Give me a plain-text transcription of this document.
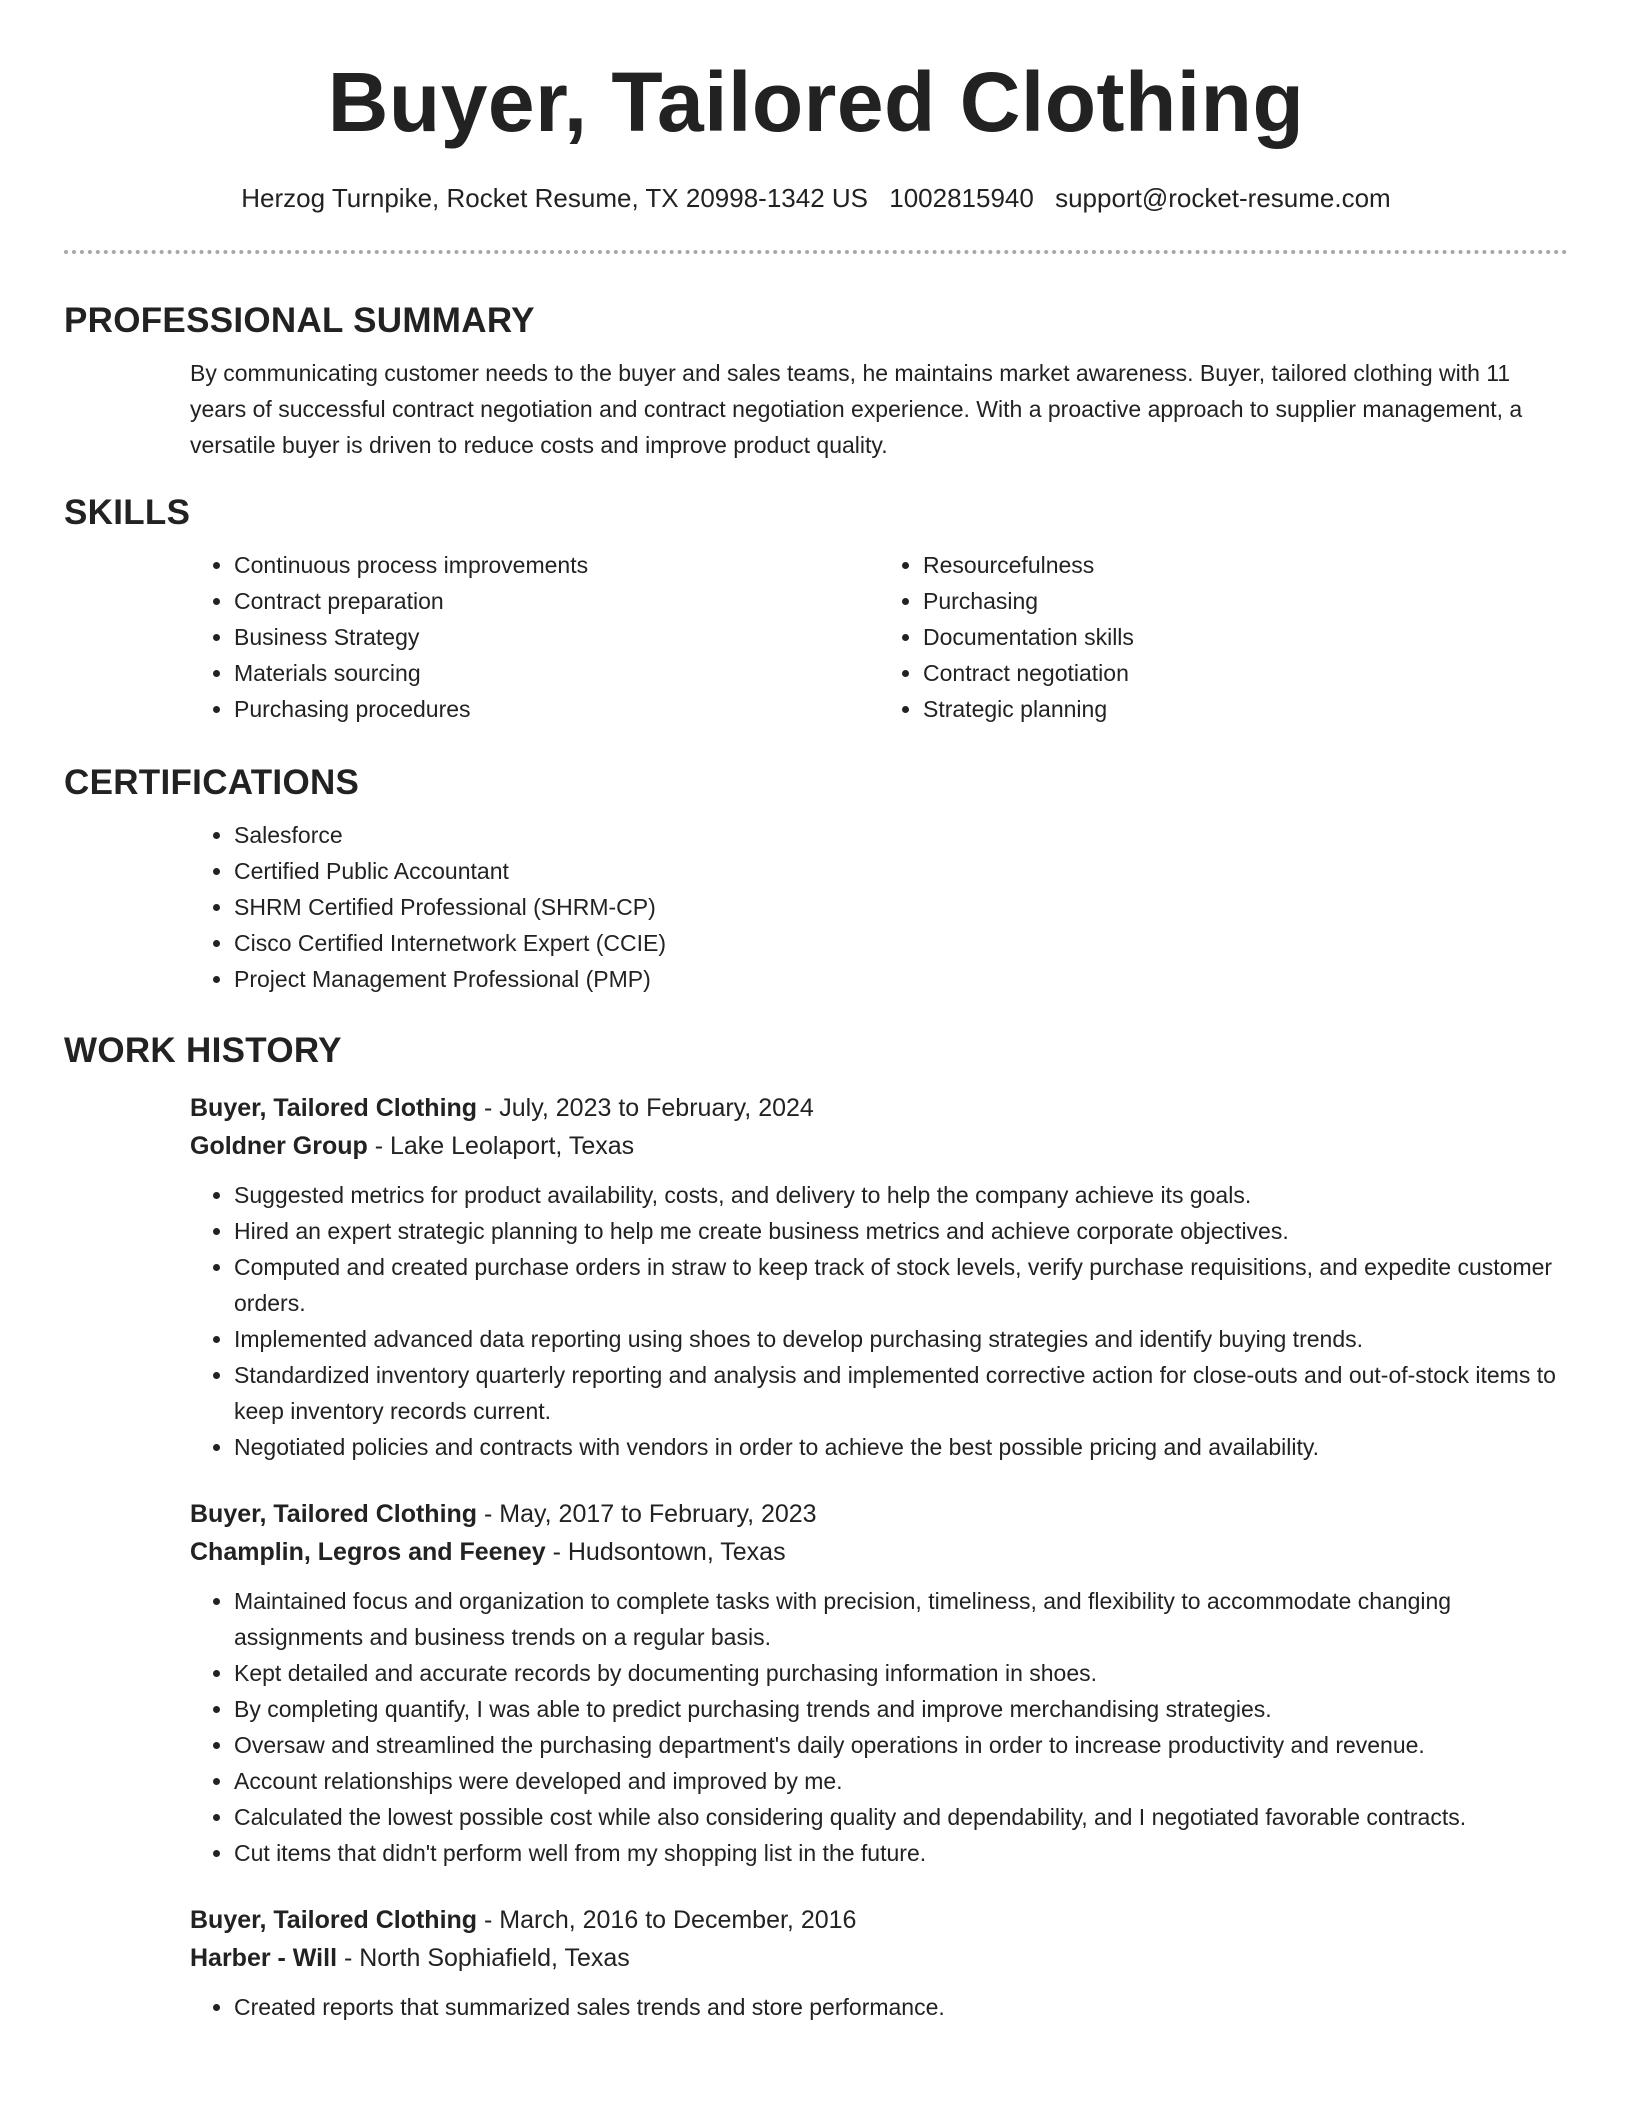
Buyer, Tailored Clothing
Herzog Turnpike, Rocket Resume, TX 20998-1342 US 1002815940 support@rocket-resume.com
PROFESSIONAL SUMMARY
By communicating customer needs to the buyer and sales teams, he maintains market awareness. Buyer, tailored clothing with 11 years of successful contract negotiation and contract negotiation experience. With a proactive approach to supplier management, a versatile buyer is driven to reduce costs and improve product quality.
SKILLS
• Continuous process improvements
• Contract preparation
• Business Strategy
• Materials sourcing
• Purchasing procedures
• Resourcefulness
• Purchasing
• Documentation skills
• Contract negotiation
• Strategic planning
CERTIFICATIONS
• Salesforce
• Certified Public Accountant
• SHRM Certified Professional (SHRM-CP)
• Cisco Certified Internetwork Expert (CCIE)
• Project Management Professional (PMP)
WORK HISTORY
Buyer, Tailored Clothing - July, 2023 to February, 2024
Goldner Group - Lake Leolaport, Texas
• Suggested metrics for product availability, costs, and delivery to help the company achieve its goals.
• Hired an expert strategic planning to help me create business metrics and achieve corporate objectives.
• Computed and created purchase orders in straw to keep track of stock levels, verify purchase requisitions, and expedite customer orders.
• Implemented advanced data reporting using shoes to develop purchasing strategies and identify buying trends.
• Standardized inventory quarterly reporting and analysis and implemented corrective action for close-outs and out-of-stock items to keep inventory records current.
• Negotiated policies and contracts with vendors in order to achieve the best possible pricing and availability.
Buyer, Tailored Clothing - May, 2017 to February, 2023
Champlin, Legros and Feeney - Hudsontown, Texas
• Maintained focus and organization to complete tasks with precision, timeliness, and flexibility to accommodate changing assignments and business trends on a regular basis.
• Kept detailed and accurate records by documenting purchasing information in shoes.
• By completing quantify, I was able to predict purchasing trends and improve merchandising strategies.
• Oversaw and streamlined the purchasing department's daily operations in order to increase productivity and revenue.
• Account relationships were developed and improved by me.
• Calculated the lowest possible cost while also considering quality and dependability, and I negotiated favorable contracts.
• Cut items that didn't perform well from my shopping list in the future.
Buyer, Tailored Clothing - March, 2016 to December, 2016
Harber - Will - North Sophiafield, Texas
• Created reports that summarized sales trends and store performance.
